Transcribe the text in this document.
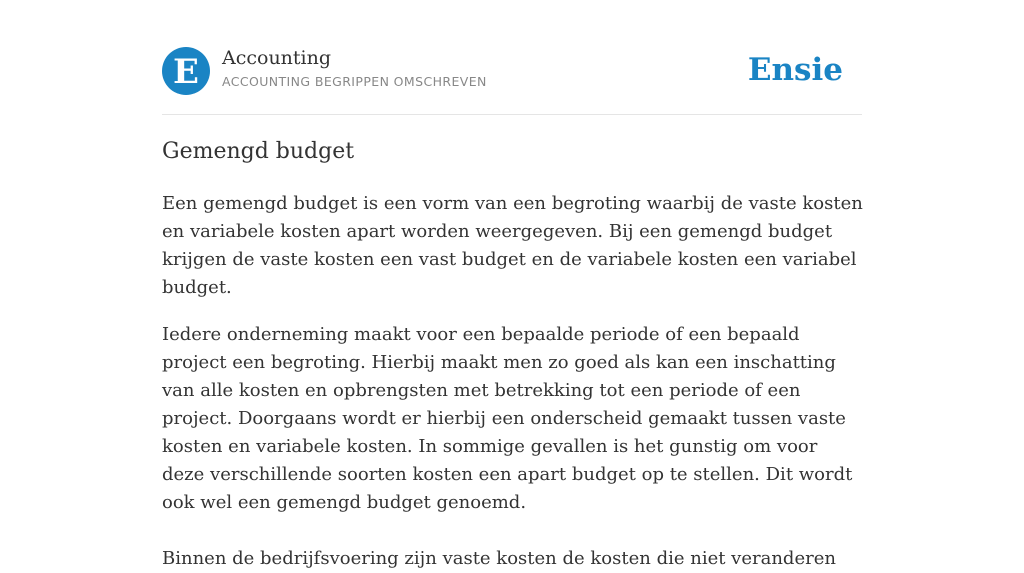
E Accounting
ACCOUNTING BEGRIPPEN OMSCHREVEN	Ensie
Gemengd budget

Een gemengd budget is een vorm van een begroting waarbij de vaste kosten en variabele kosten apart worden weergegeven. Bij een gemengd budget krijgen de vaste kosten een vast budget en de variabele kosten een variabel budget.

Iedere onderneming maakt voor een bepaalde periode of een bepaald project een begroting. Hierbij maakt men zo goed als kan een inschatting van alle kosten en opbrengsten met betrekking tot een periode of een project. Doorgaans wordt er hierbij een onderscheid gemaakt tussen vaste kosten en variabele kosten. In sommige gevallen is het gunstig om voor deze verschillende soorten kosten een apart budget op te stellen. Dit wordt ook wel een gemengd budget genoemd.

Binnen de bedrijfsvoering zijn vaste kosten de kosten die niet veranderen
